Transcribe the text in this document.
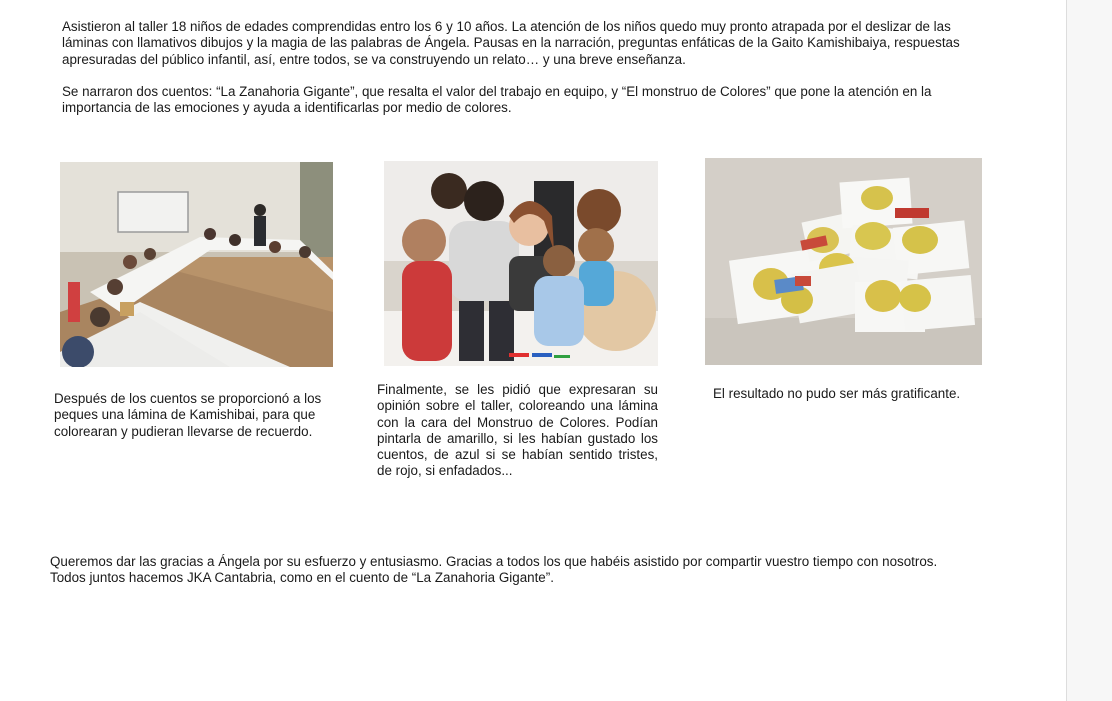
Asistieron al taller 18 niños de edades comprendidas entro los 6 y 10 años. La atención de los niños quedo muy pronto atrapada por el deslizar de las láminas con llamativos dibujos y la magia de las palabras de Ángela. Pausas en la narración, preguntas enfáticas de la Gaito Kamishibaiya, respuestas apresuradas del público infantil, así, entre todos, se va construyendo un relato… y una breve enseñanza.

Se narraron dos cuentos: “La Zanahoria Gigante”, que resalta el valor del trabajo en equipo, y “El monstruo de Colores” que pone la atención en la importancia de las emociones y ayuda a identificarlas por medio de colores.

Después de los cuentos se proporcionó a los peques una lámina de Kamishibai, para que colorearan y pudieran llevarse de recuerdo.

Finalmente, se les pidió que expresaran su opinión sobre el taller, coloreando una lámina con la cara del Monstruo de Colores. Podían pintarla de amarillo, si les habían gustado los cuentos, de azul si se habían sentido tristes, de rojo, si enfadados...

El resultado no pudo ser más gratificante.

Queremos dar las gracias a Ángela por su esfuerzo y entusiasmo. Gracias a todos los que habéis asistido por compartir vuestro tiempo con nosotros. Todos juntos hacemos JKA Cantabria, como en el cuento de “La Zanahoria Gigante”.
